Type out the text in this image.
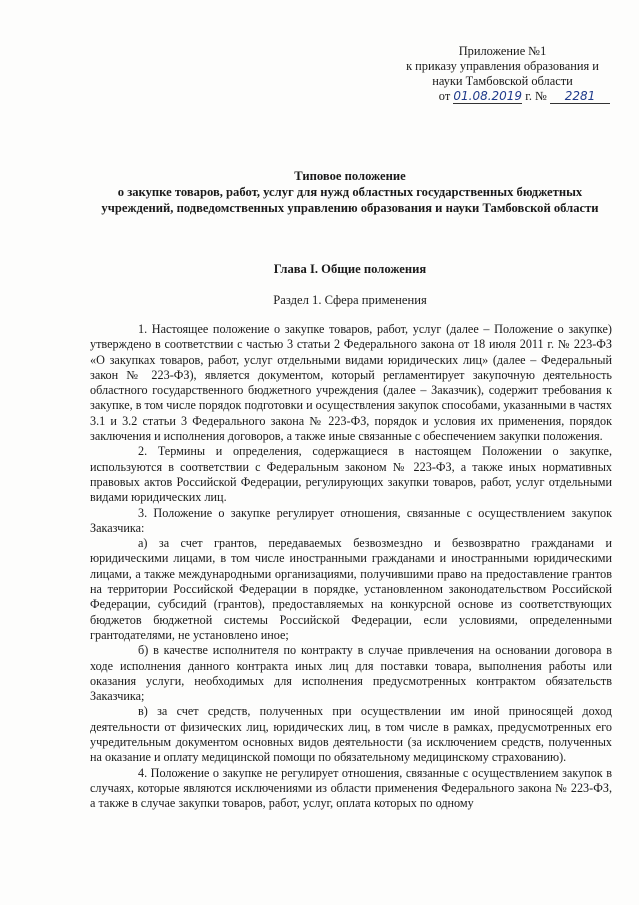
Приложение №1
к приказу управления образования и
науки Тамбовской области
от 01.08.2019 г. № 2281
Типовое положение
о закупке товаров, работ, услуг для нужд областных государственных бюджетных учреждений, подведомственных управлению образования и науки Тамбовской области
Глава I. Общие положения
Раздел 1. Сфера применения

1. Настоящее положение о закупке товаров, работ, услуг (далее – Положение о закупке) утверждено в соответствии с частью 3 статьи 2 Федерального закона от 18 июля 2011 г. № 223-ФЗ «О закупках товаров, работ, услуг отдельными видами юридических лиц» (далее – Федеральный закон № 223-ФЗ), является документом, который регламентирует закупочную деятельность областного государственного бюджетного учреждения (далее – Заказчик), содержит требования к закупке, в том числе порядок подготовки и осуществления закупок способами, указанными в частях 3.1 и 3.2 статьи 3 Федерального закона № 223-ФЗ, порядок и условия их применения, порядок заключения и исполнения договоров, а также иные связанные с обеспечением закупки положения.

2. Термины и определения, содержащиеся в настоящем Положении о закупке, используются в соответствии с Федеральным законом № 223-ФЗ, а также иных нормативных правовых актов Российской Федерации, регулирующих закупки товаров, работ, услуг отдельными видами юридических лиц.

3. Положение о закупке регулирует отношения, связанные с осуществлением закупок Заказчика:

а) за счет грантов, передаваемых безвозмездно и безвозвратно гражданами и юридическими лицами, в том числе иностранными гражданами и иностранными юридическими лицами, а также международными организациями, получившими право на предоставление грантов на территории Российской Федерации в порядке, установленном законодательством Российской Федерации, субсидий (грантов), предоставляемых на конкурсной основе из соответствующих бюджетов бюджетной системы Российской Федерации, если условиями, определенными грантодателями, не установлено иное;

б) в качестве исполнителя по контракту в случае привлечения на основании договора в ходе исполнения данного контракта иных лиц для поставки товара, выполнения работы или оказания услуги, необходимых для исполнения предусмотренных контрактом обязательств Заказчика;

в) за счет средств, полученных при осуществлении им иной приносящей доход деятельности от физических лиц, юридических лиц, в том числе в рамках, предусмотренных его учредительным документом основных видов деятельности (за исключением средств, полученных на оказание и оплату медицинской помощи по обязательному медицинскому страхованию).

4. Положение о закупке не регулирует отношения, связанные с осуществлением закупок в случаях, которые являются исключениями из области применения Федерального закона № 223-ФЗ, а также в случае закупки товаров, работ, услуг, оплата которых по одному
